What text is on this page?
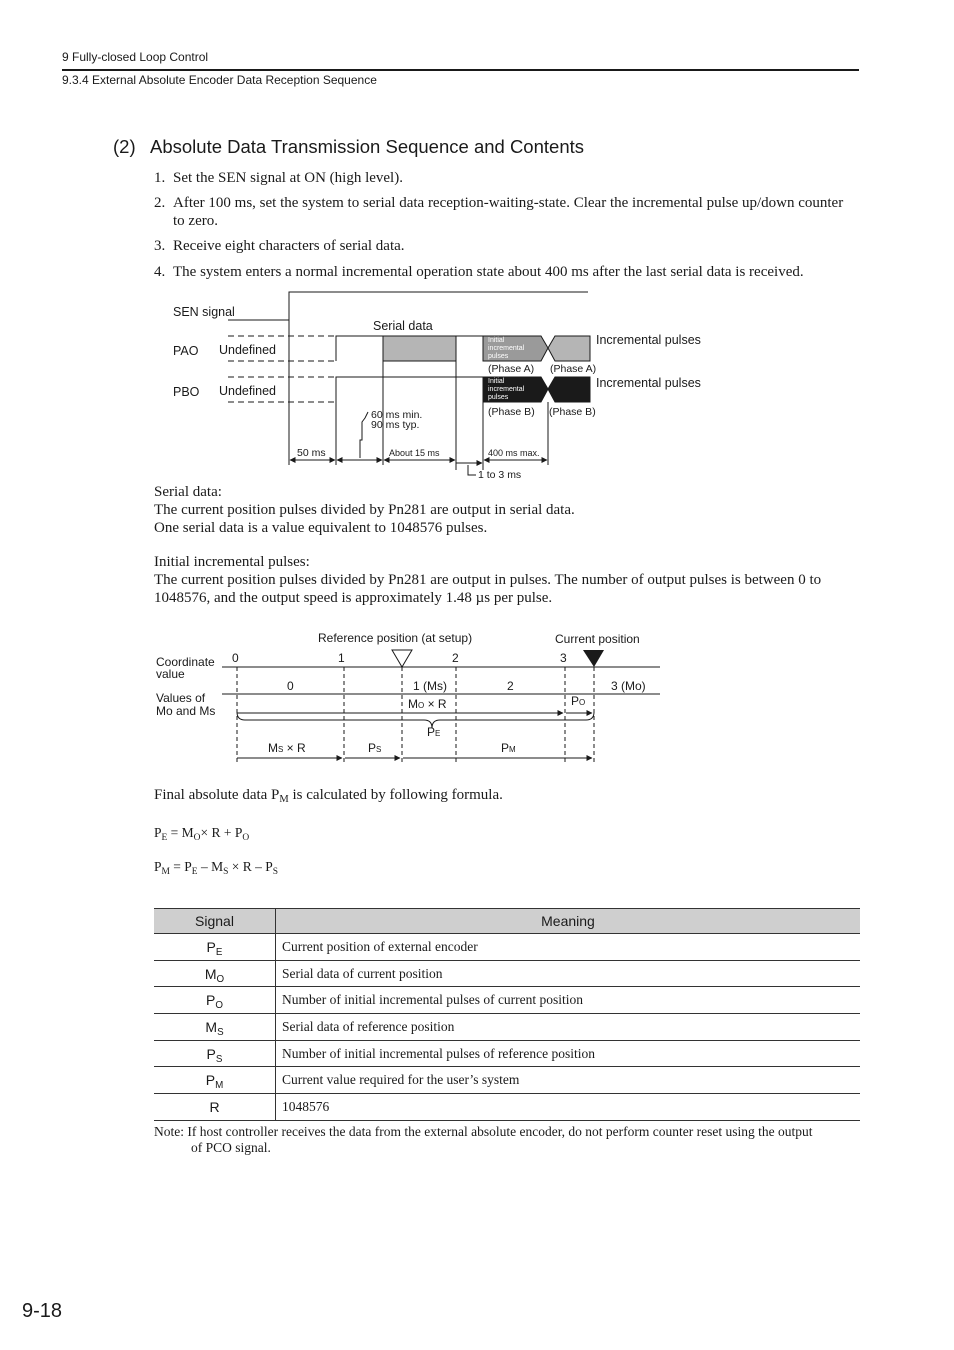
9 Fully-closed Loop Control
9.3.4 External Absolute Encoder Data Reception Sequence
(2)   Absolute Data Transmission Sequence and Contents
1. Set the SEN signal at ON (high level).
2. After 100 ms, set the system to serial data reception-waiting-state. Clear the incremental pulse up/down counter to zero.
3. Receive eight characters of serial data.
4. The system enters a normal incremental operation state about 400 ms after the last serial data is received.
SEN signal
PAO Undefined
Serial data
Initial
incremental
pulses
Incremental pulses
(Phase A) (Phase A)
PBO Undefined
Initial
incremental
pulses
Incremental pulses
(Phase B) (Phase B)
60 ms min.
90 ms typ.
50 ms	About 15 ms	400 ms max.
1 to 3 ms
Serial data:
The current position pulses divided by Pn281 are output in serial data.
One serial data is a value equivalent to 1048576 pulses.
Initial incremental pulses:
The current position pulses divided by Pn281 are output in pulses. The number of output pulses is between 0 to 1048576, and the output speed is approximately 1.48 µs per pulse.
Reference position (at setup)	Current position
Coordinate
value
0	1	2	3
Values of
Mo and Ms
0	1 (Ms)	2	3 (Mo)
MO × R	PO
PE
MS × R	PS	PM
Final absolute data $P_M$ is calculated by following formula.
$P_E = M_O\times R + P_O$
$P_M = P_E - M_S \times R - P_S$
Signal	Meaning
$P_E$	Current position of external encoder
$M_O$	Serial data of current position
$P_O$	Number of initial incremental pulses of current position
$M_S$	Serial data of reference position
$P_S$	Number of initial incremental pulses of reference position
$P_M$	Current value required for the user’s system
R	1048576
Note: If host controller receives the data from the external absolute encoder, do not perform counter reset using the output
of PCO signal.
9-18
